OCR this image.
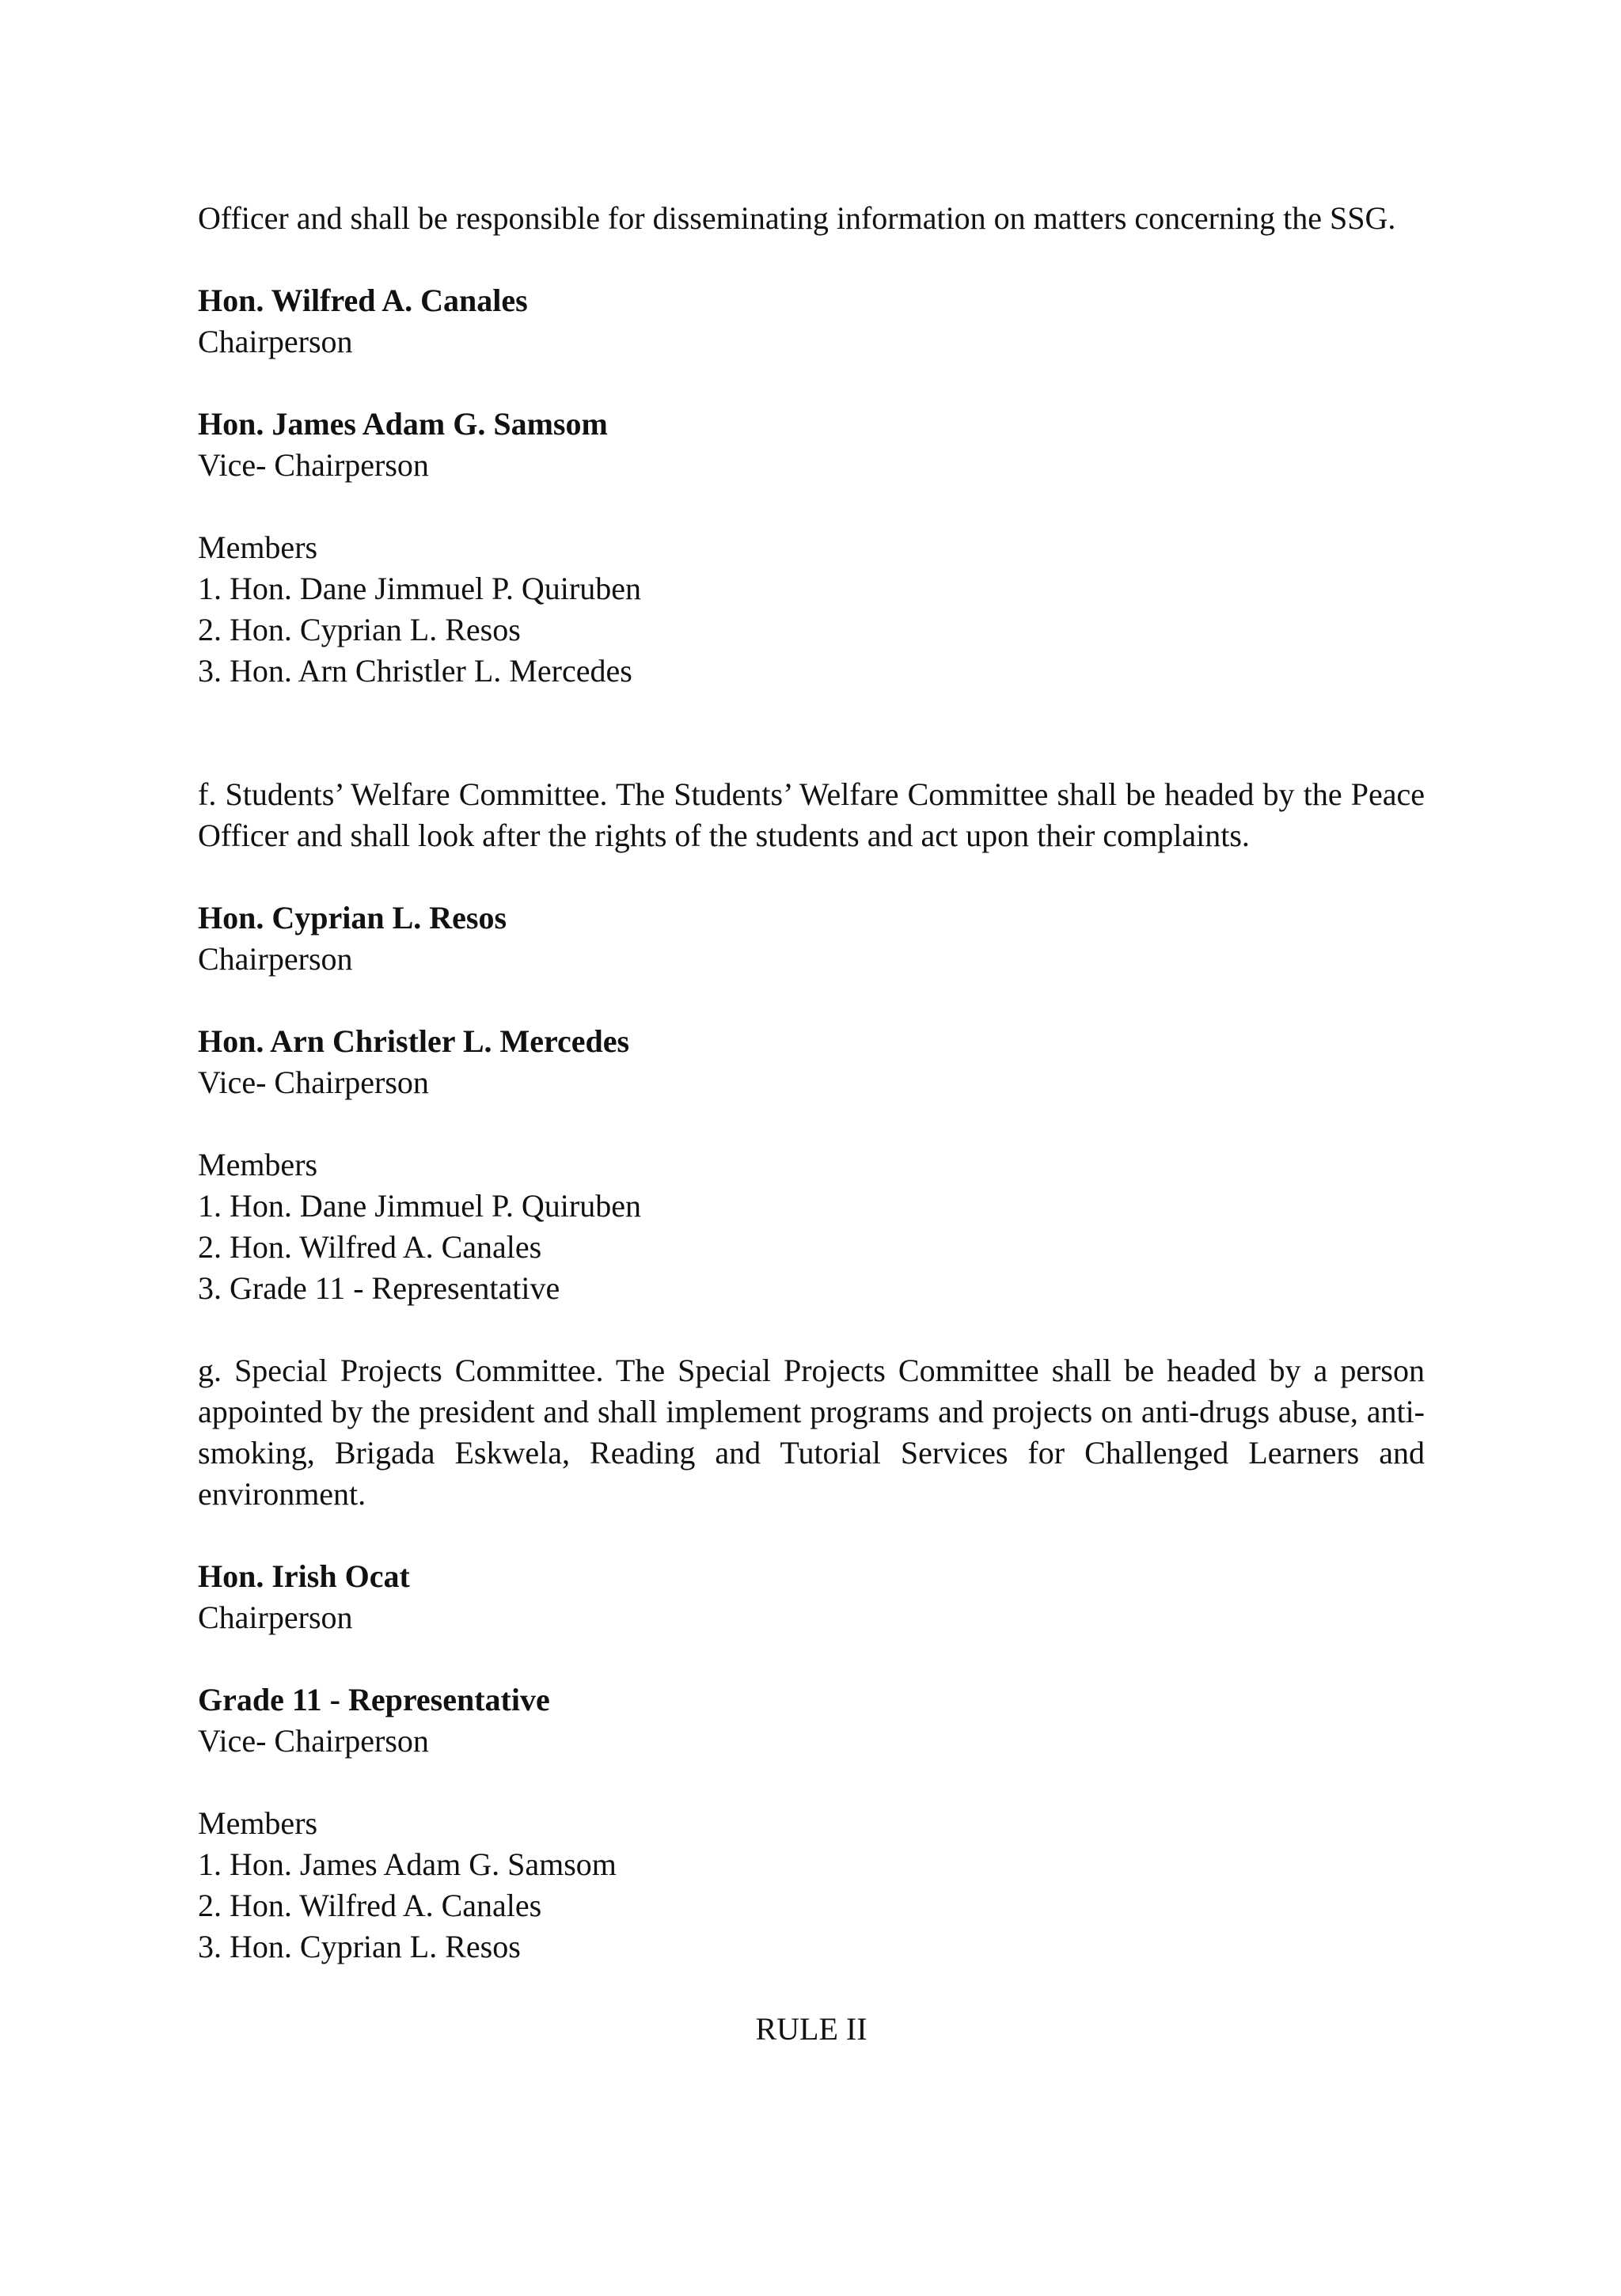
Officer and shall be responsible for disseminating information on matters concerning the SSG.

Hon. Wilfred A. Canales
Chairperson
Hon. James Adam G. Samsom
Vice- Chairperson
Members
1. Hon. Dane Jimmuel P. Quiruben
2. Hon. Cyprian L. Resos
3. Hon. Arn Christler L. Mercedes

f. Students’ Welfare Committee. The Students’ Welfare Committee shall be headed by the Peace Officer and shall look after the rights of the students and act upon their complaints.

Hon. Cyprian L. Resos
Chairperson
Hon. Arn Christler L. Mercedes
Vice- Chairperson
Members
1. Hon. Dane Jimmuel P. Quiruben
2. Hon. Wilfred A. Canales
3. Grade 11 - Representative

g. Special Projects Committee. The Special Projects Committee shall be headed by a person appointed by the president and shall implement programs and projects on anti-drugs abuse, anti-smoking, Brigada Eskwela, Reading and Tutorial Services for Challenged Learners and environment.

Hon. Irish Ocat
Chairperson
Grade 11 - Representative
Vice- Chairperson
Members
1. Hon. James Adam G. Samsom
2. Hon. Wilfred A. Canales
3. Hon. Cyprian L. Resos

RULE II
